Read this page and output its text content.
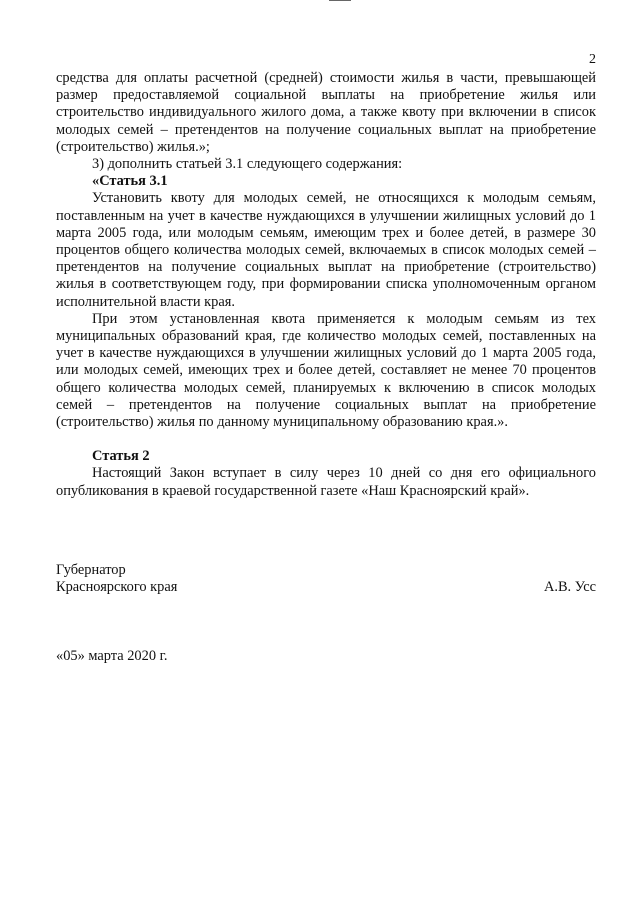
2

средства для оплаты расчетной (средней) стоимости жилья в части, превышающей размер предоставляемой социальной выплаты на приобретение жилья или строительство индивидуального жилого дома, а также квоту при включении в список молодых семей – претендентов на получение социальных выплат на приобретение (строительство) жилья.»;

3) дополнить статьей 3.1 следующего содержания:

«Статья 3.1

Установить квоту для молодых семей, не относящихся к молодым семьям, поставленным на учет в качестве нуждающихся в улучшении жилищных условий до 1 марта 2005 года, или молодым семьям, имеющим трех и более детей, в размере 30 процентов общего количества молодых семей, включаемых в список молодых семей – претендентов на получение социальных выплат на приобретение (строительство) жилья в соответствующем году, при формировании списка уполномоченным органом исполнительной власти края.

При этом установленная квота применяется к молодым семьям из тех муниципальных образований края, где количество молодых семей, поставленных на учет в качестве нуждающихся в улучшении жилищных условий до 1 марта 2005 года, или молодых семей, имеющих трех и более детей, составляет не менее 70 процентов общего количества молодых семей, планируемых к включению в список молодых семей – претендентов на получение социальных выплат на приобретение (строительство) жилья по данному муниципальному образованию края.».

Статья 2

Настоящий Закон вступает в силу через 10 дней со дня его официального опубликования в краевой государственной газете «Наш Красноярский край».

Губернатор

Красноярского края	А.В. Усс
«05» марта 2020 г.
